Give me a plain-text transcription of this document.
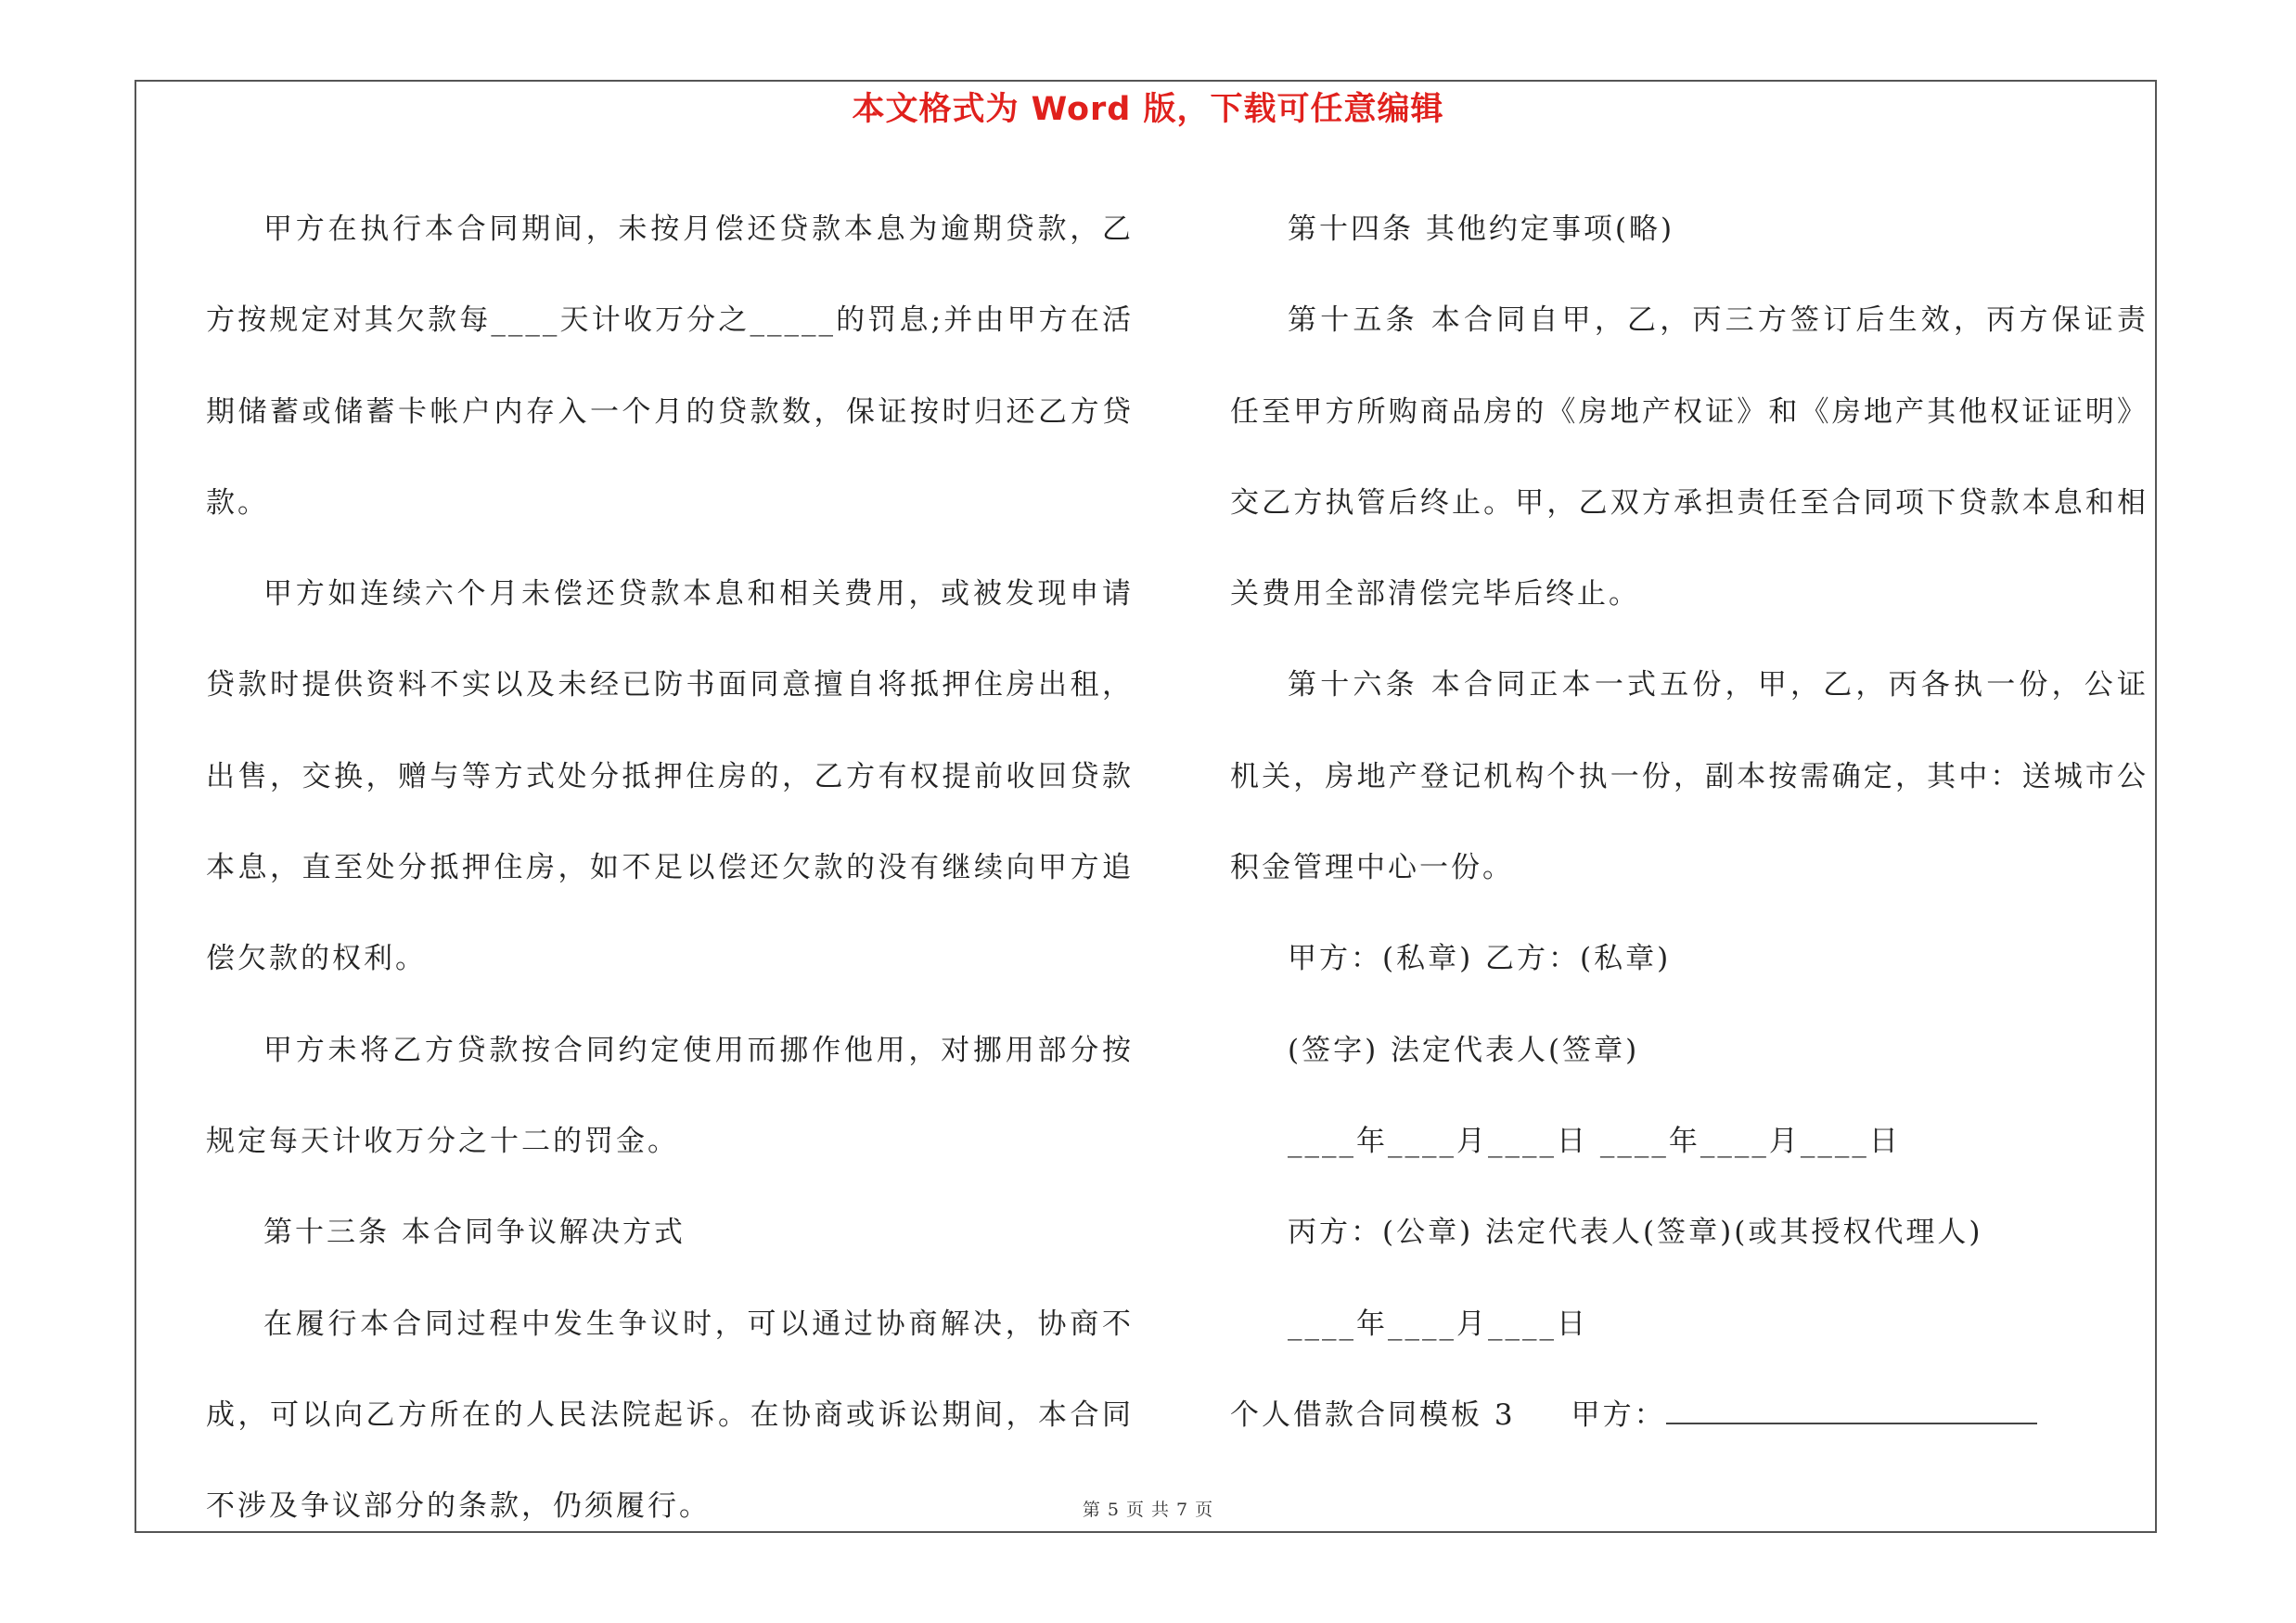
本文格式为 Word 版，下载可任意编辑

甲方在执行本合同期间，未按月偿还贷款本息为逾期贷款，乙方按规定对其欠款每____天计收万分之_____的罚息;并由甲方在活期储蓄或储蓄卡帐户内存入一个月的贷款数，保证按时归还乙方贷款。

甲方如连续六个月未偿还贷款本息和相关费用，或被发现申请贷款时提供资料不实以及未经已防书面同意擅自将抵押住房出租，出售，交换，赠与等方式处分抵押住房的，乙方有权提前收回贷款本息，直至处分抵押住房，如不足以偿还欠款的没有继续向甲方追偿欠款的权利。

甲方未将乙方贷款按合同约定使用而挪作他用，对挪用部分按规定每天计收万分之十二的罚金。

第十三条 本合同争议解决方式

在履行本合同过程中发生争议时，可以通过协商解决，协商不成，可以向乙方所在的人民法院起诉。在协商或诉讼期间，本合同不涉及争议部分的条款，仍须履行。

第十四条 其他约定事项(略)

第十五条 本合同自甲，乙，丙三方签订后生效，丙方保证责任至甲方所购商品房的《房地产权证》和《房地产其他权证证明》交乙方执管后终止。甲，乙双方承担责任至合同项下贷款本息和相关费用全部清偿完毕后终止。

第十六条 本合同正本一式五份，甲，乙，丙各执一份，公证机关，房地产登记机构个执一份，副本按需确定，其中：送城市公积金管理中心一份。

甲方：(私章) 乙方：(私章)

(签字) 法定代表人(签章)

____年____月____日 ____年____月____日

丙方：(公章) 法定代表人(签章)(或其授权代理人)

____年____月____日

个人借款合同模板 3 甲方：

第 5 页 共 7 页
